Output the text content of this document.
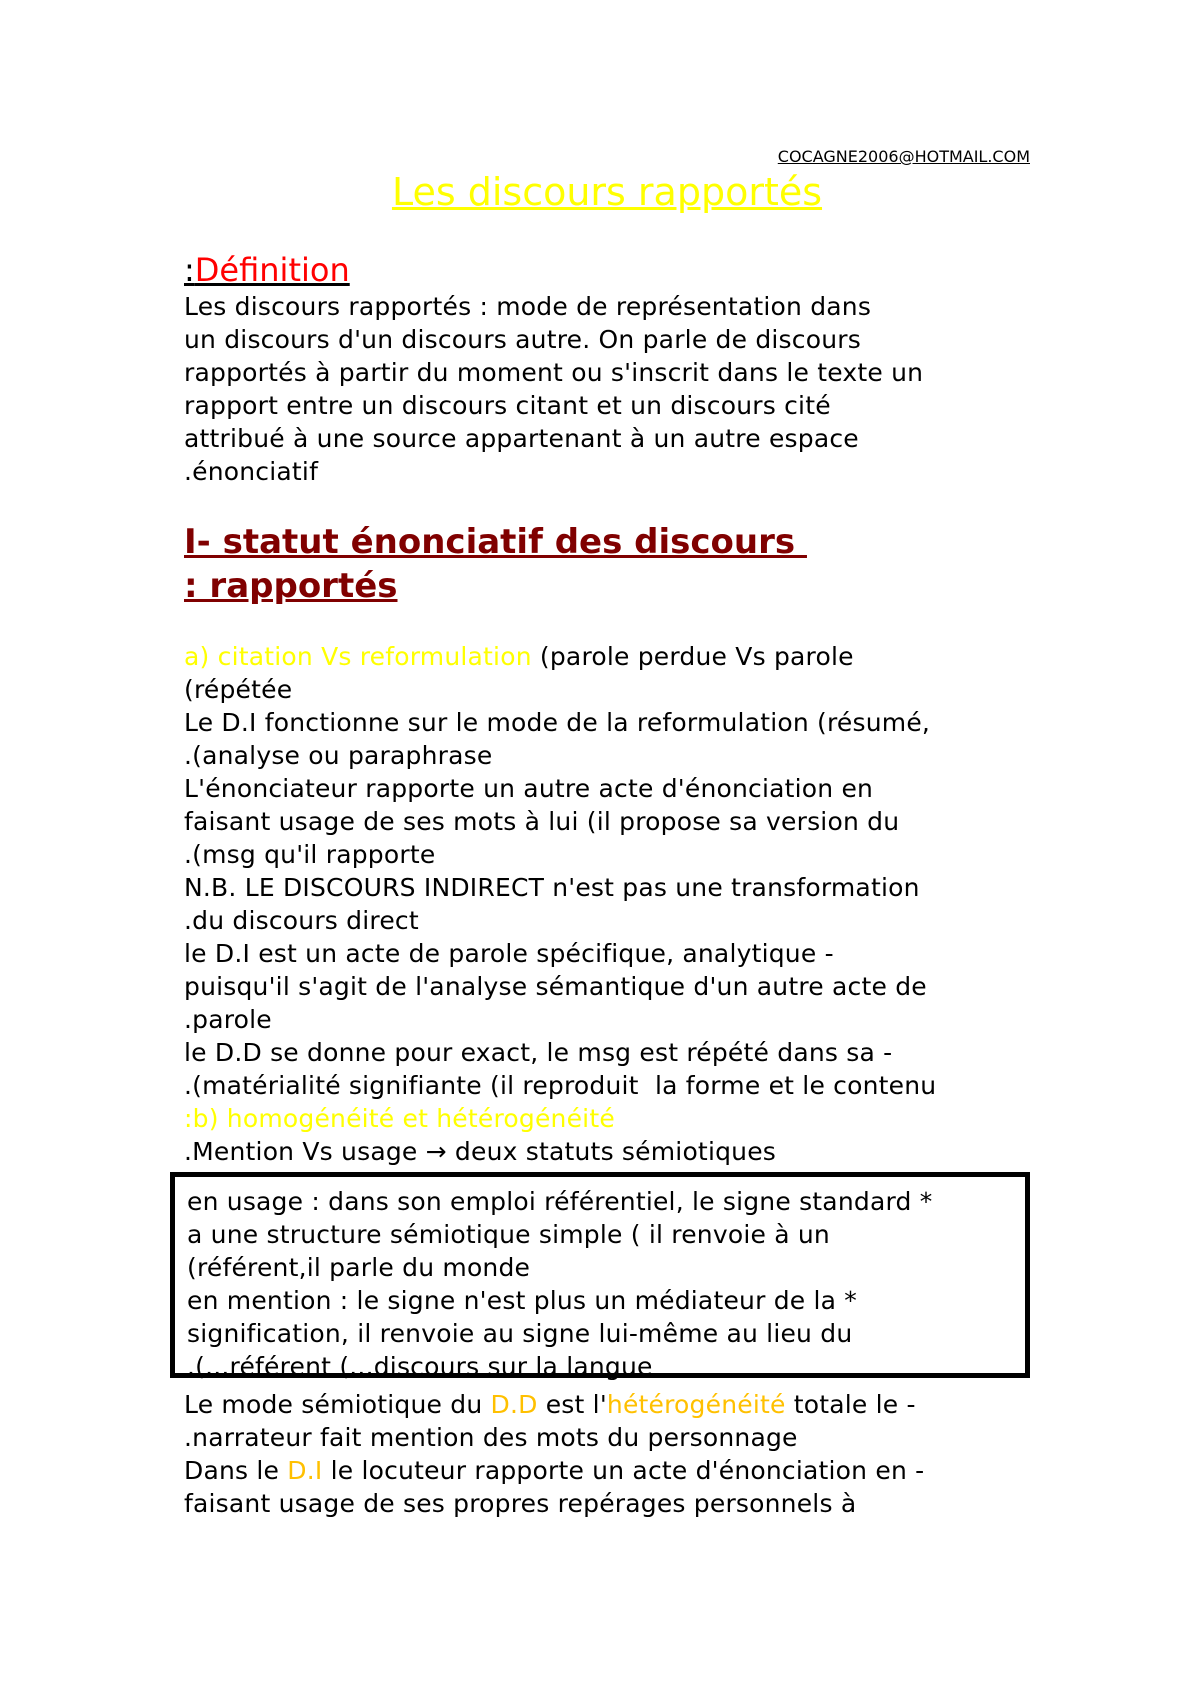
COCAGNE2006@HOTMAIL.COM
Les discours rapportés
:Définition
Les discours rapportés : mode de représentation dans
un discours d'un discours autre. On parle de discours
rapportés à partir du moment ou s'inscrit dans le texte un
rapport entre un discours citant et un discours cité
attribué à une source appartenant à un autre espace
.énonciatif
I- statut énonciatif des discours
: rapportés
a) citation Vs reformulation (parole perdue Vs parole
(répétée
Le D.I fonctionne sur le mode de la reformulation (résumé,
.(analyse ou paraphrase
L'énonciateur rapporte un autre acte d'énonciation en
faisant usage de ses mots à lui (il propose sa version du
.(msg qu'il rapporte
N.B. LE DISCOURS INDIRECT n'est pas une transformation
.du discours direct
le D.I est un acte de parole spécifique, analytique -
puisqu'il s'agit de l'analyse sémantique d'un autre acte de
.parole
le D.D se donne pour exact, le msg est répété dans sa -
.(matérialité signifiante (il reproduit  la forme et le contenu
:b) homogénéité et hétérogénéité
.Mention Vs usage → deux statuts sémiotiques
en usage : dans son emploi référentiel, le signe standard *
a une structure sémiotique simple ( il renvoie à un
(référent,il parle du monde
en mention : le signe n'est plus un médiateur de la *
signification, il renvoie au signe lui-même au lieu du
.(...référent (...discours sur la langue
Le mode sémiotique du D.D est l'hétérogénéité totale le -
.narrateur fait mention des mots du personnage
Dans le D.I le locuteur rapporte un acte d'énonciation en -
faisant usage de ses propres repérages personnels à
